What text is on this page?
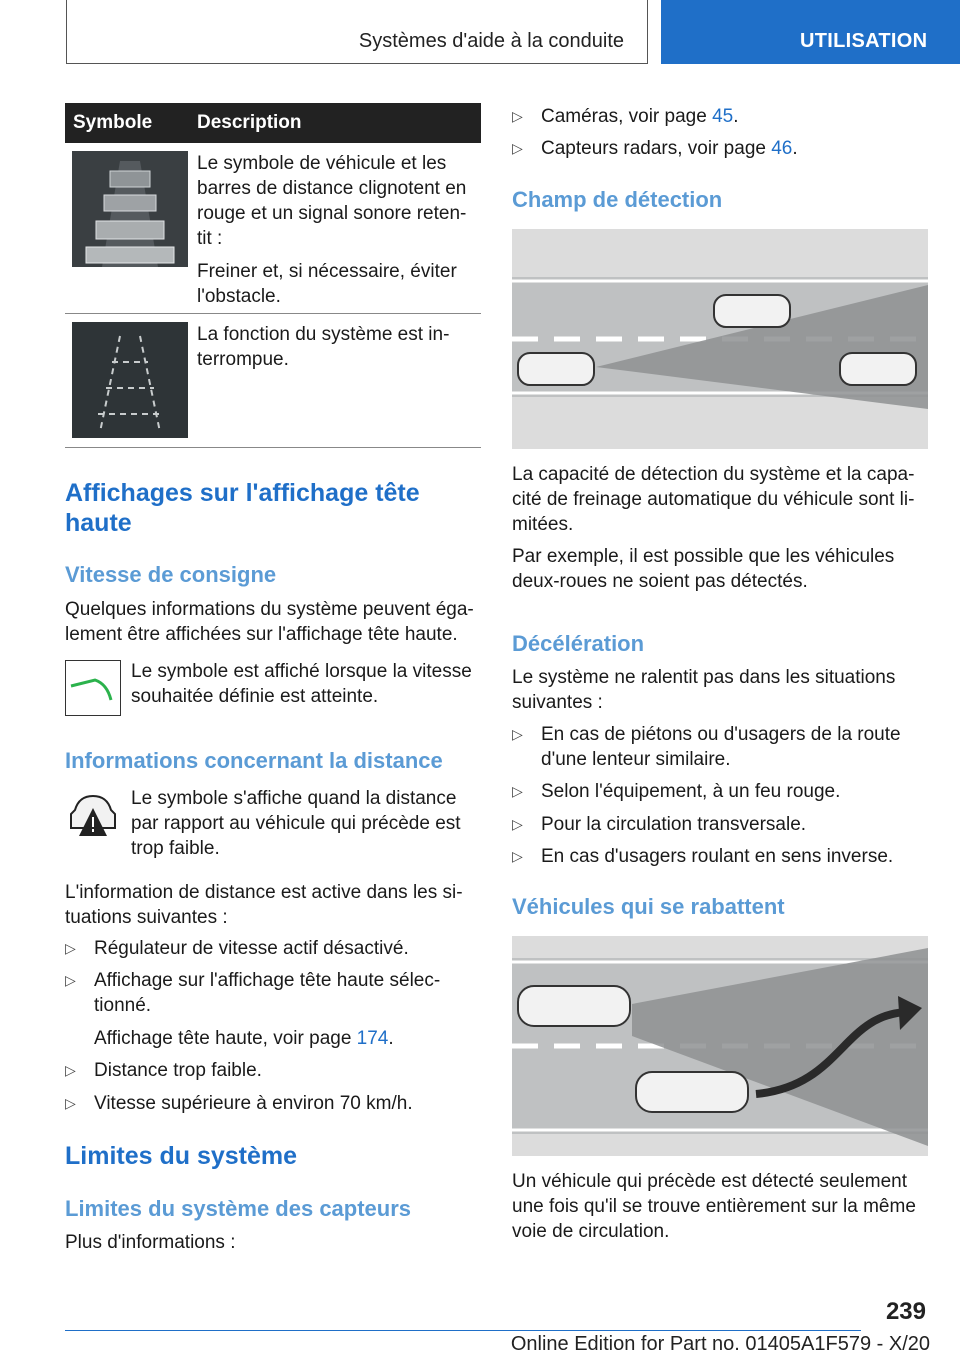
Systèmes d'aide à la conduite	UTILISATION
Symbole	Description

Le symbole de véhicule et les barres de distance clignotent en rouge et un signal sonore reten-tit :

Freiner et, si nécessaire, éviter l'obstacle.

La fonction du système est in-terrompue.

Affichages sur l'affichage tête haute
Vitesse de consigne

Quelques informations du système peuvent éga-lement être affichées sur l'affichage tête haute.

Le symbole est affiché lorsque la vitesse souhaitée définie est atteinte.

Informations concernant la distance

Le symbole s'affiche quand la distance par rapport au véhicule qui précède est trop faible.

L'information de distance est active dans les si-tuations suivantes :

▷ Régulateur de vitesse actif désactivé.
▷ Affichage sur l'affichage tête haute sélec-tionné.

Affichage tête haute, voir page 174.

▷ Distance trop faible.
▷ Vitesse supérieure à environ 70 km/h.
Limites du système
Limites du système des capteurs

Plus d'informations :

▷ Caméras, voir page 45.
▷ Capteurs radars, voir page 46.
Champ de détection

La capacité de détection du système et la capa-cité de freinage automatique du véhicule sont li-mitées.

Par exemple, il est possible que les véhicules deux-roues ne soient pas détectés.

Décélération

Le système ne ralentit pas dans les situations suivantes :

▷ En cas de piétons ou d'usagers de la route d'une lenteur similaire.
▷ Selon l'équipement, à un feu rouge.
▷ Pour la circulation transversale.
▷ En cas d'usagers roulant en sens inverse.
Véhicules qui se rabattent

Un véhicule qui précède est détecté seulement une fois qu'il se trouve entièrement sur la même voie de circulation.

239
Online Edition for Part no. 01405A1F579 - X/20
